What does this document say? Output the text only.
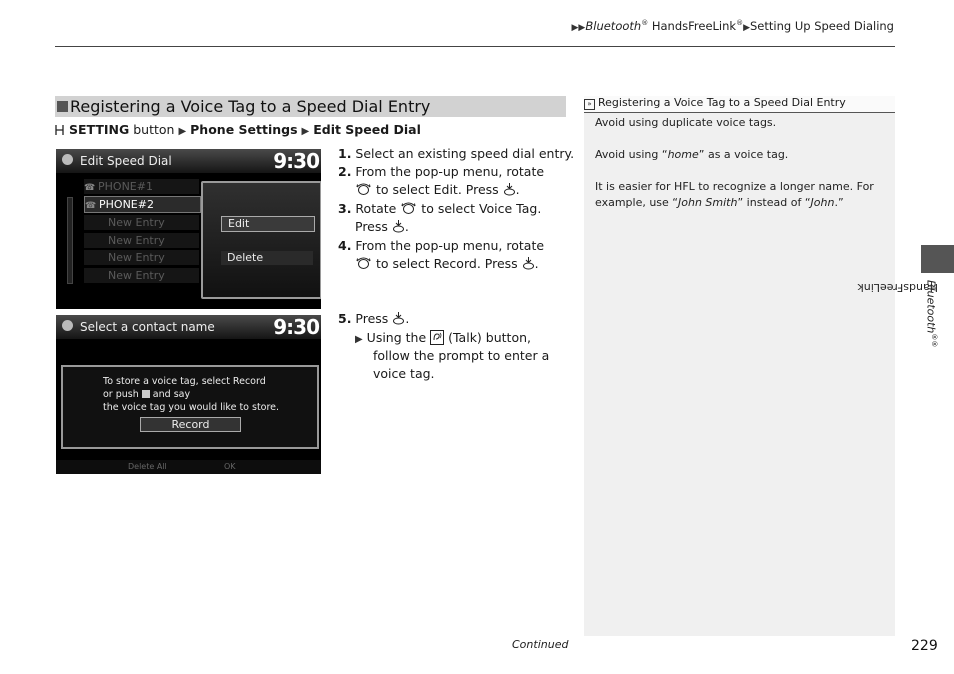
▶▶Bluetooth® HandsFreeLink®▶Setting Up Speed Dialing
Registering a Voice Tag to a Speed Dial Entry
SETTING button ▶ Phone Settings ▶ Edit Speed Dial
Edit Speed Dial	9:30
☎ PHONE#1
☎ PHONE#2
New Entry
New Entry
New Entry
New Entry
Edit
Delete
Select a contact name	9:30
To store a voice tag, select Record
or push  and say
the voice tag you would like to store.
Record
Delete All	OK
1. Select an existing speed dial entry.
2. From the pop-up menu, rotate
to select Edit. Press .
3. Rotate  to select Voice Tag.
Press .
4. From the pop-up menu, rotate
to select Record. Press .
5. Press .
▶ Using the  (Talk) button,
follow the prompt to enter a
voice tag.
» Registering a Voice Tag to a Speed Dial Entry
Avoid using duplicate voice tags.
Avoid using “home” as a voice tag.
It is easier for HFL to recognize a longer name. For
example, use “John Smith” instead of “John.”
Bluetooth®
HandsFreeLink
®
Continued	229
